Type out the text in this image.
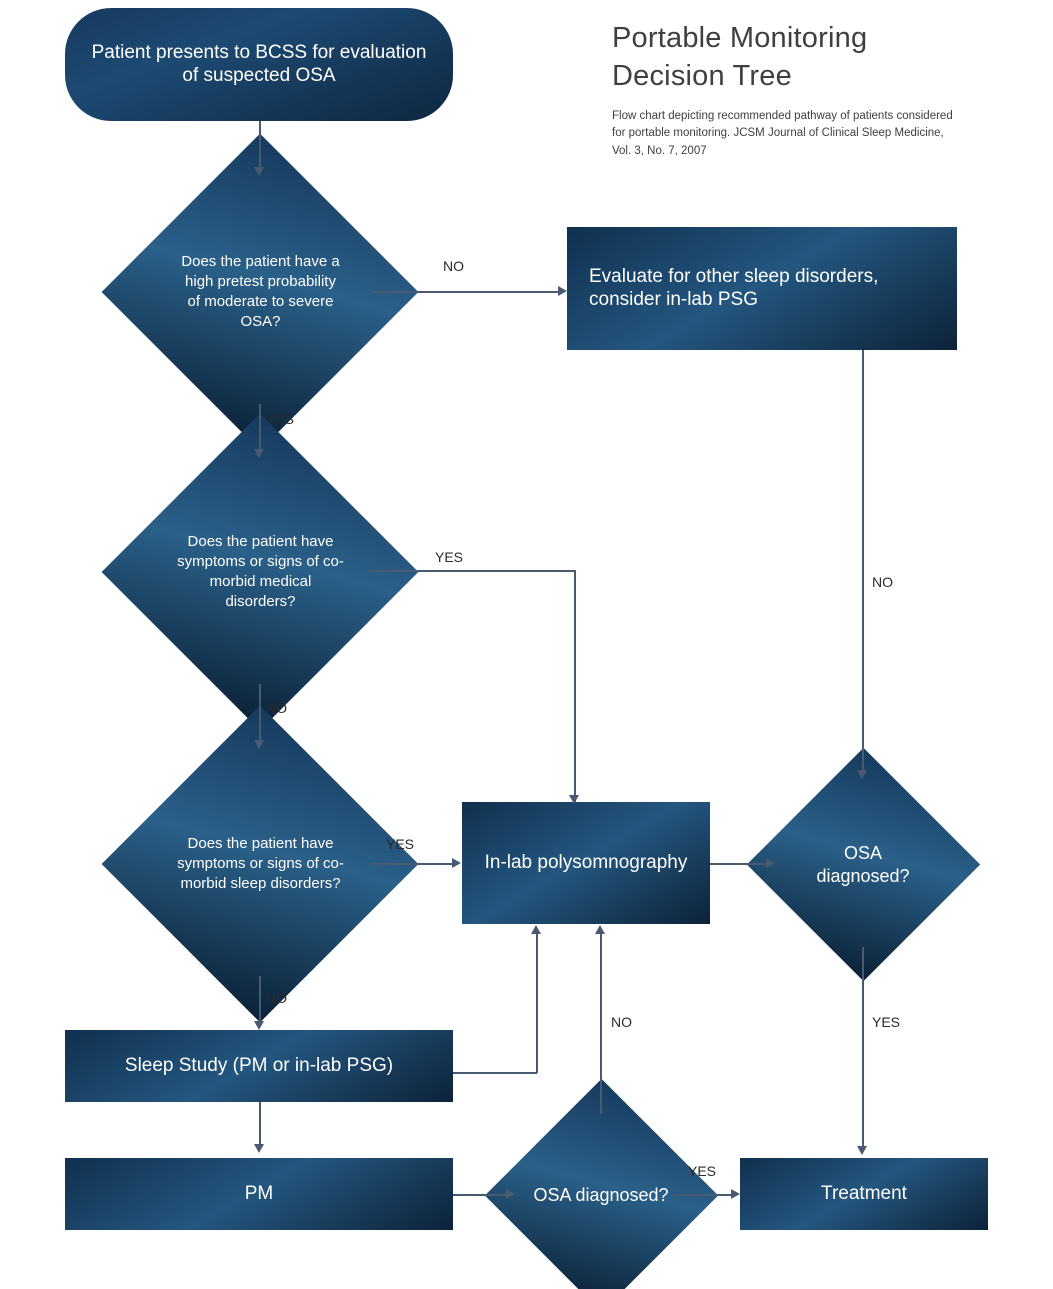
Portable Monitoring
Decision Tree
Flow chart depicting recommended pathway of patients considered for portable monitoring. JCSM Journal of Clinical Sleep Medicine, Vol. 3, No. 7, 2007
Patient presents to BCSS for evaluation of suspected OSA
Does the patient have a high pretest probability of moderate to severe OSA?
Evaluate for other sleep disorders, consider in-lab PSG
Does the patient have symptoms or signs of co-morbid medical disorders?
Does the patient have symptoms or signs of co-morbid sleep disorders?
In-lab polysomnography	OSA diagnosed?
Sleep Study (PM or in-lab PSG)
PM	OSA diagnosed?	Treatment
NO
YES
YES
NO
YES
NO
NO
YES
YES
NO
